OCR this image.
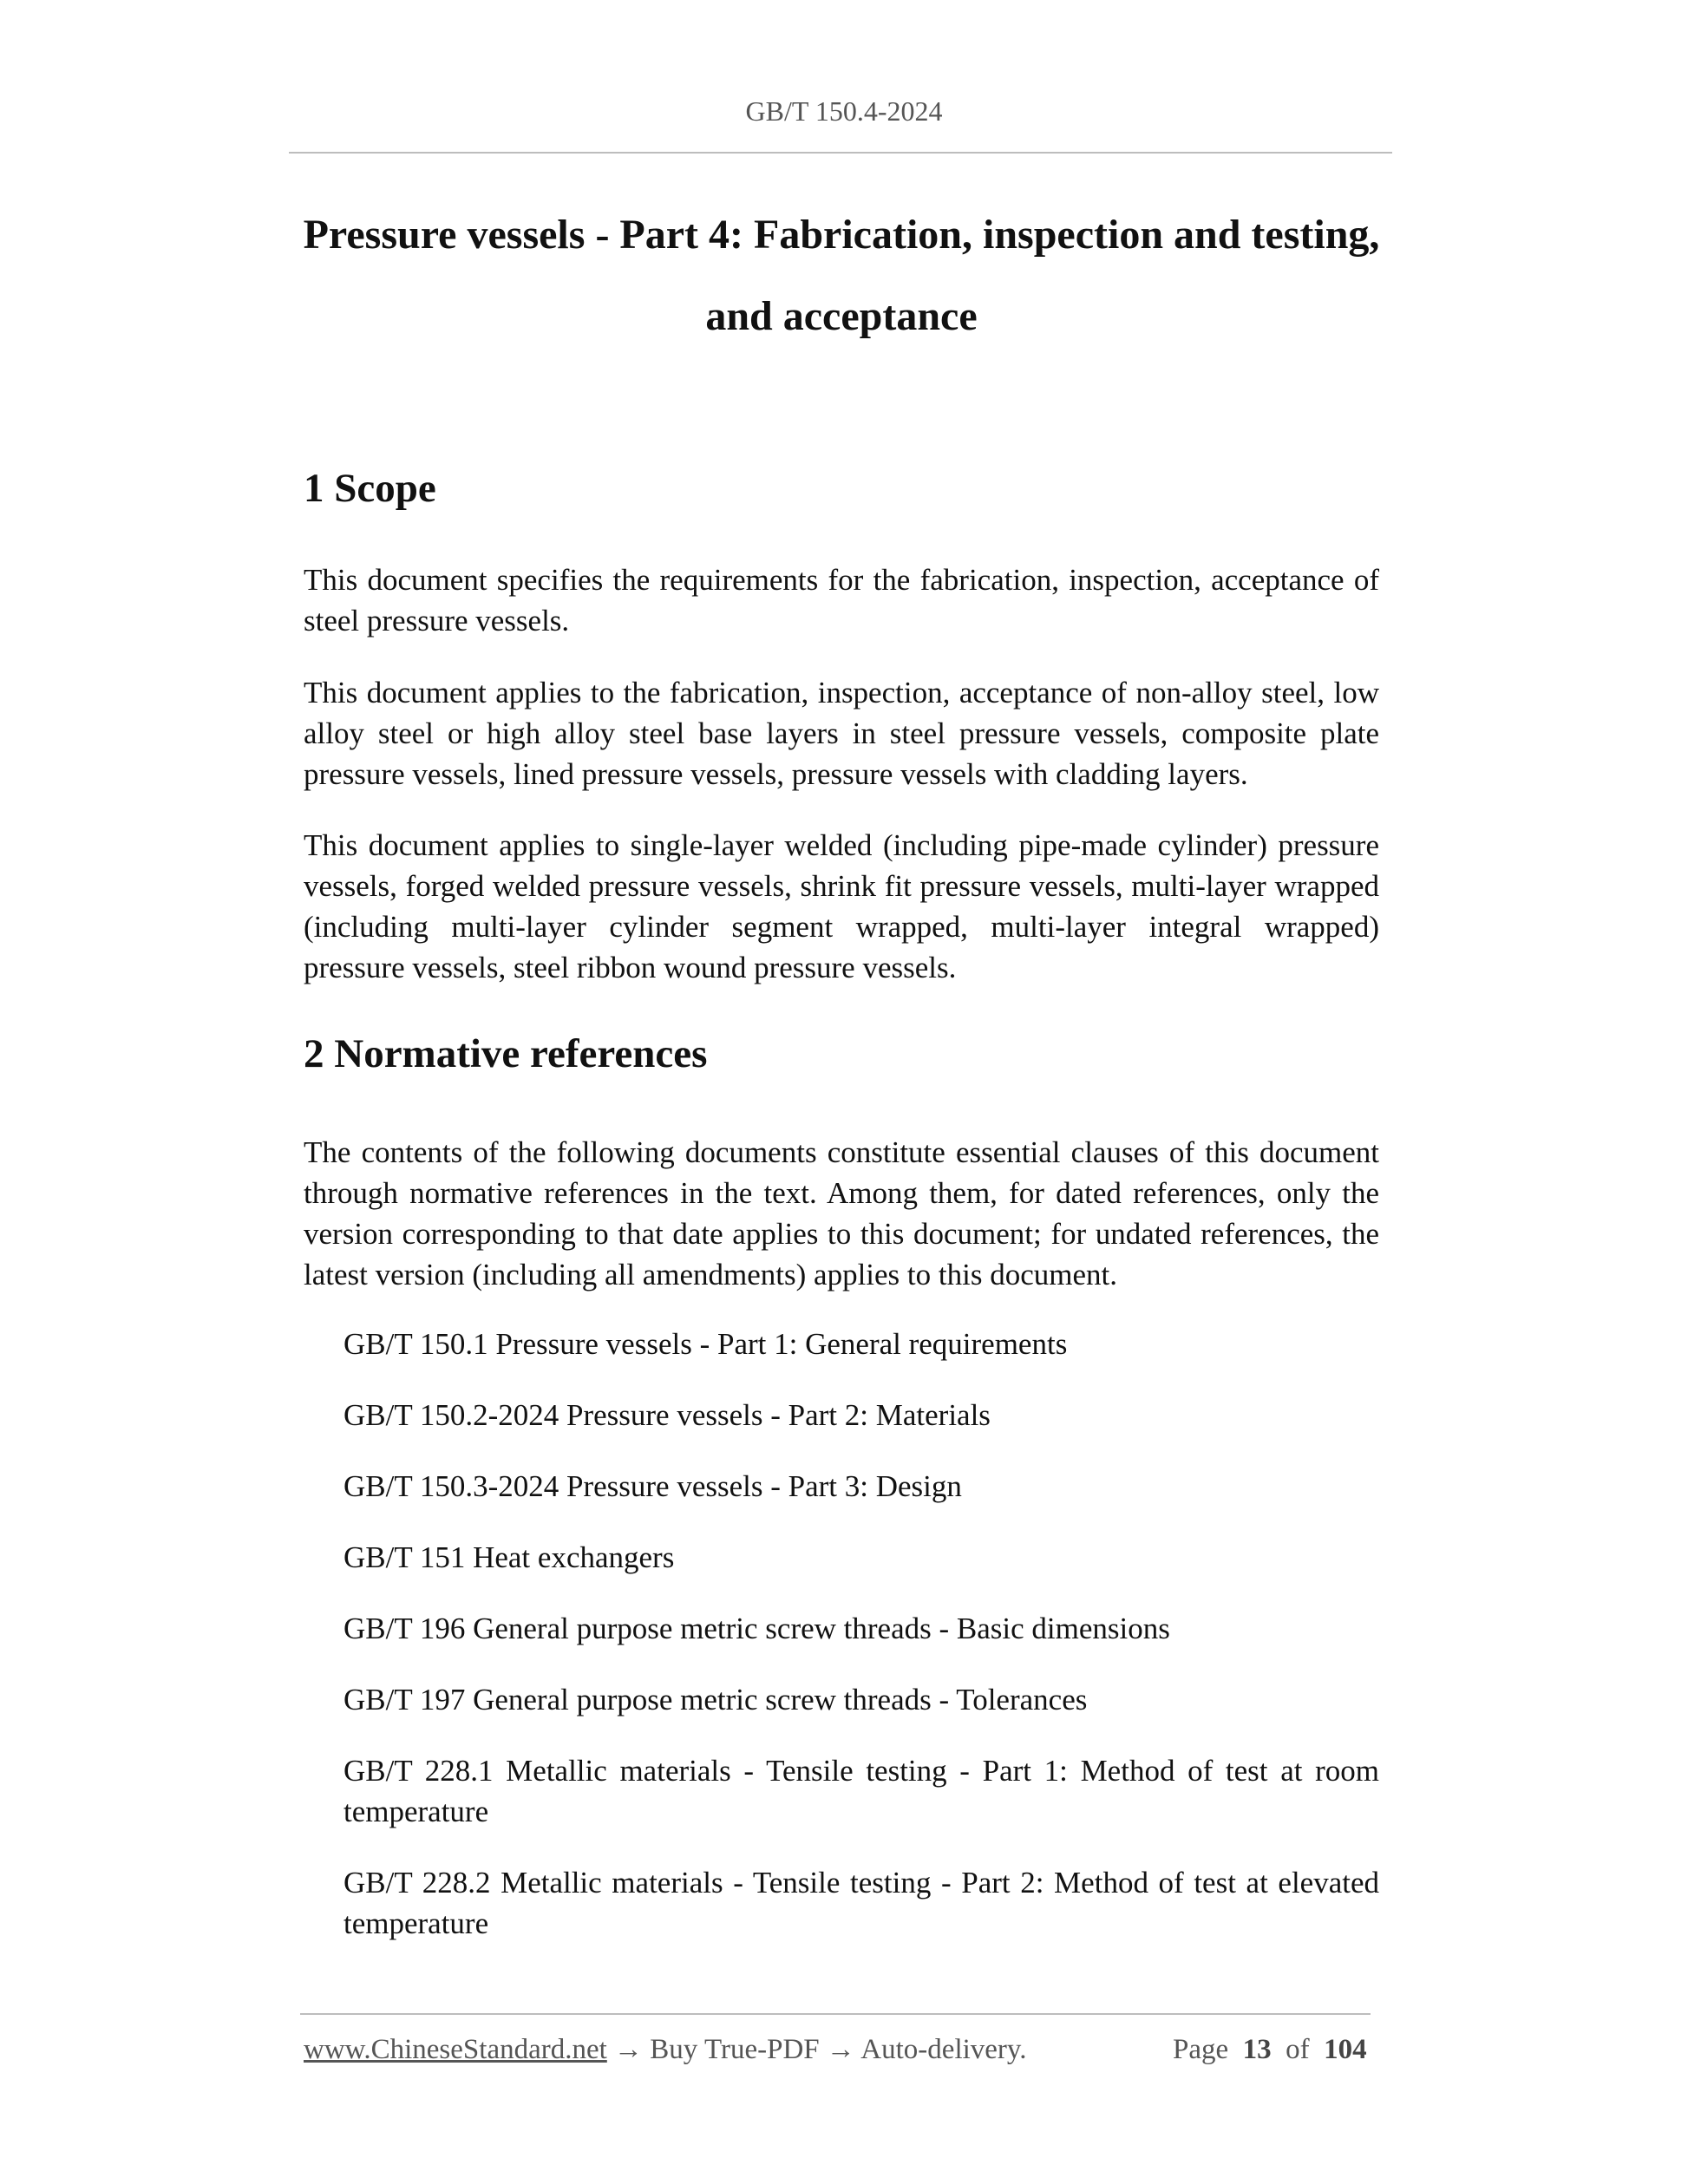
GB/T 150.4-2024
Pressure vessels - Part 4: Fabrication, inspection and testing,
and acceptance
1 Scope

This document specifies the requirements for the fabrication, inspection, acceptance of steel pressure vessels.

This document applies to the fabrication, inspection, acceptance of non-alloy steel, low alloy steel or high alloy steel base layers in steel pressure vessels, composite plate pressure vessels, lined pressure vessels, pressure vessels with cladding layers.

This document applies to single-layer welded (including pipe-made cylinder) pressure vessels, forged welded pressure vessels, shrink fit pressure vessels, multi-layer wrapped (including multi-layer cylinder segment wrapped, multi-layer integral wrapped) pressure vessels, steel ribbon wound pressure vessels.

2 Normative references

The contents of the following documents constitute essential clauses of this document through normative references in the text. Among them, for dated references, only the version corresponding to that date applies to this document; for undated references, the latest version (including all amendments) applies to this document.

GB/T 150.1 Pressure vessels - Part 1: General requirements

GB/T 150.2-2024 Pressure vessels - Part 2: Materials

GB/T 150.3-2024 Pressure vessels - Part 3: Design

GB/T 151 Heat exchangers

GB/T 196 General purpose metric screw threads - Basic dimensions

GB/T 197 General purpose metric screw threads - Tolerances

GB/T 228.1 Metallic materials - Tensile testing - Part 1: Method of test at room temperature

GB/T 228.2 Metallic materials - Tensile testing - Part 2: Method of test at elevated temperature

www.ChineseStandard.net → Buy True-PDF → Auto-delivery.	Page 13 of 104
